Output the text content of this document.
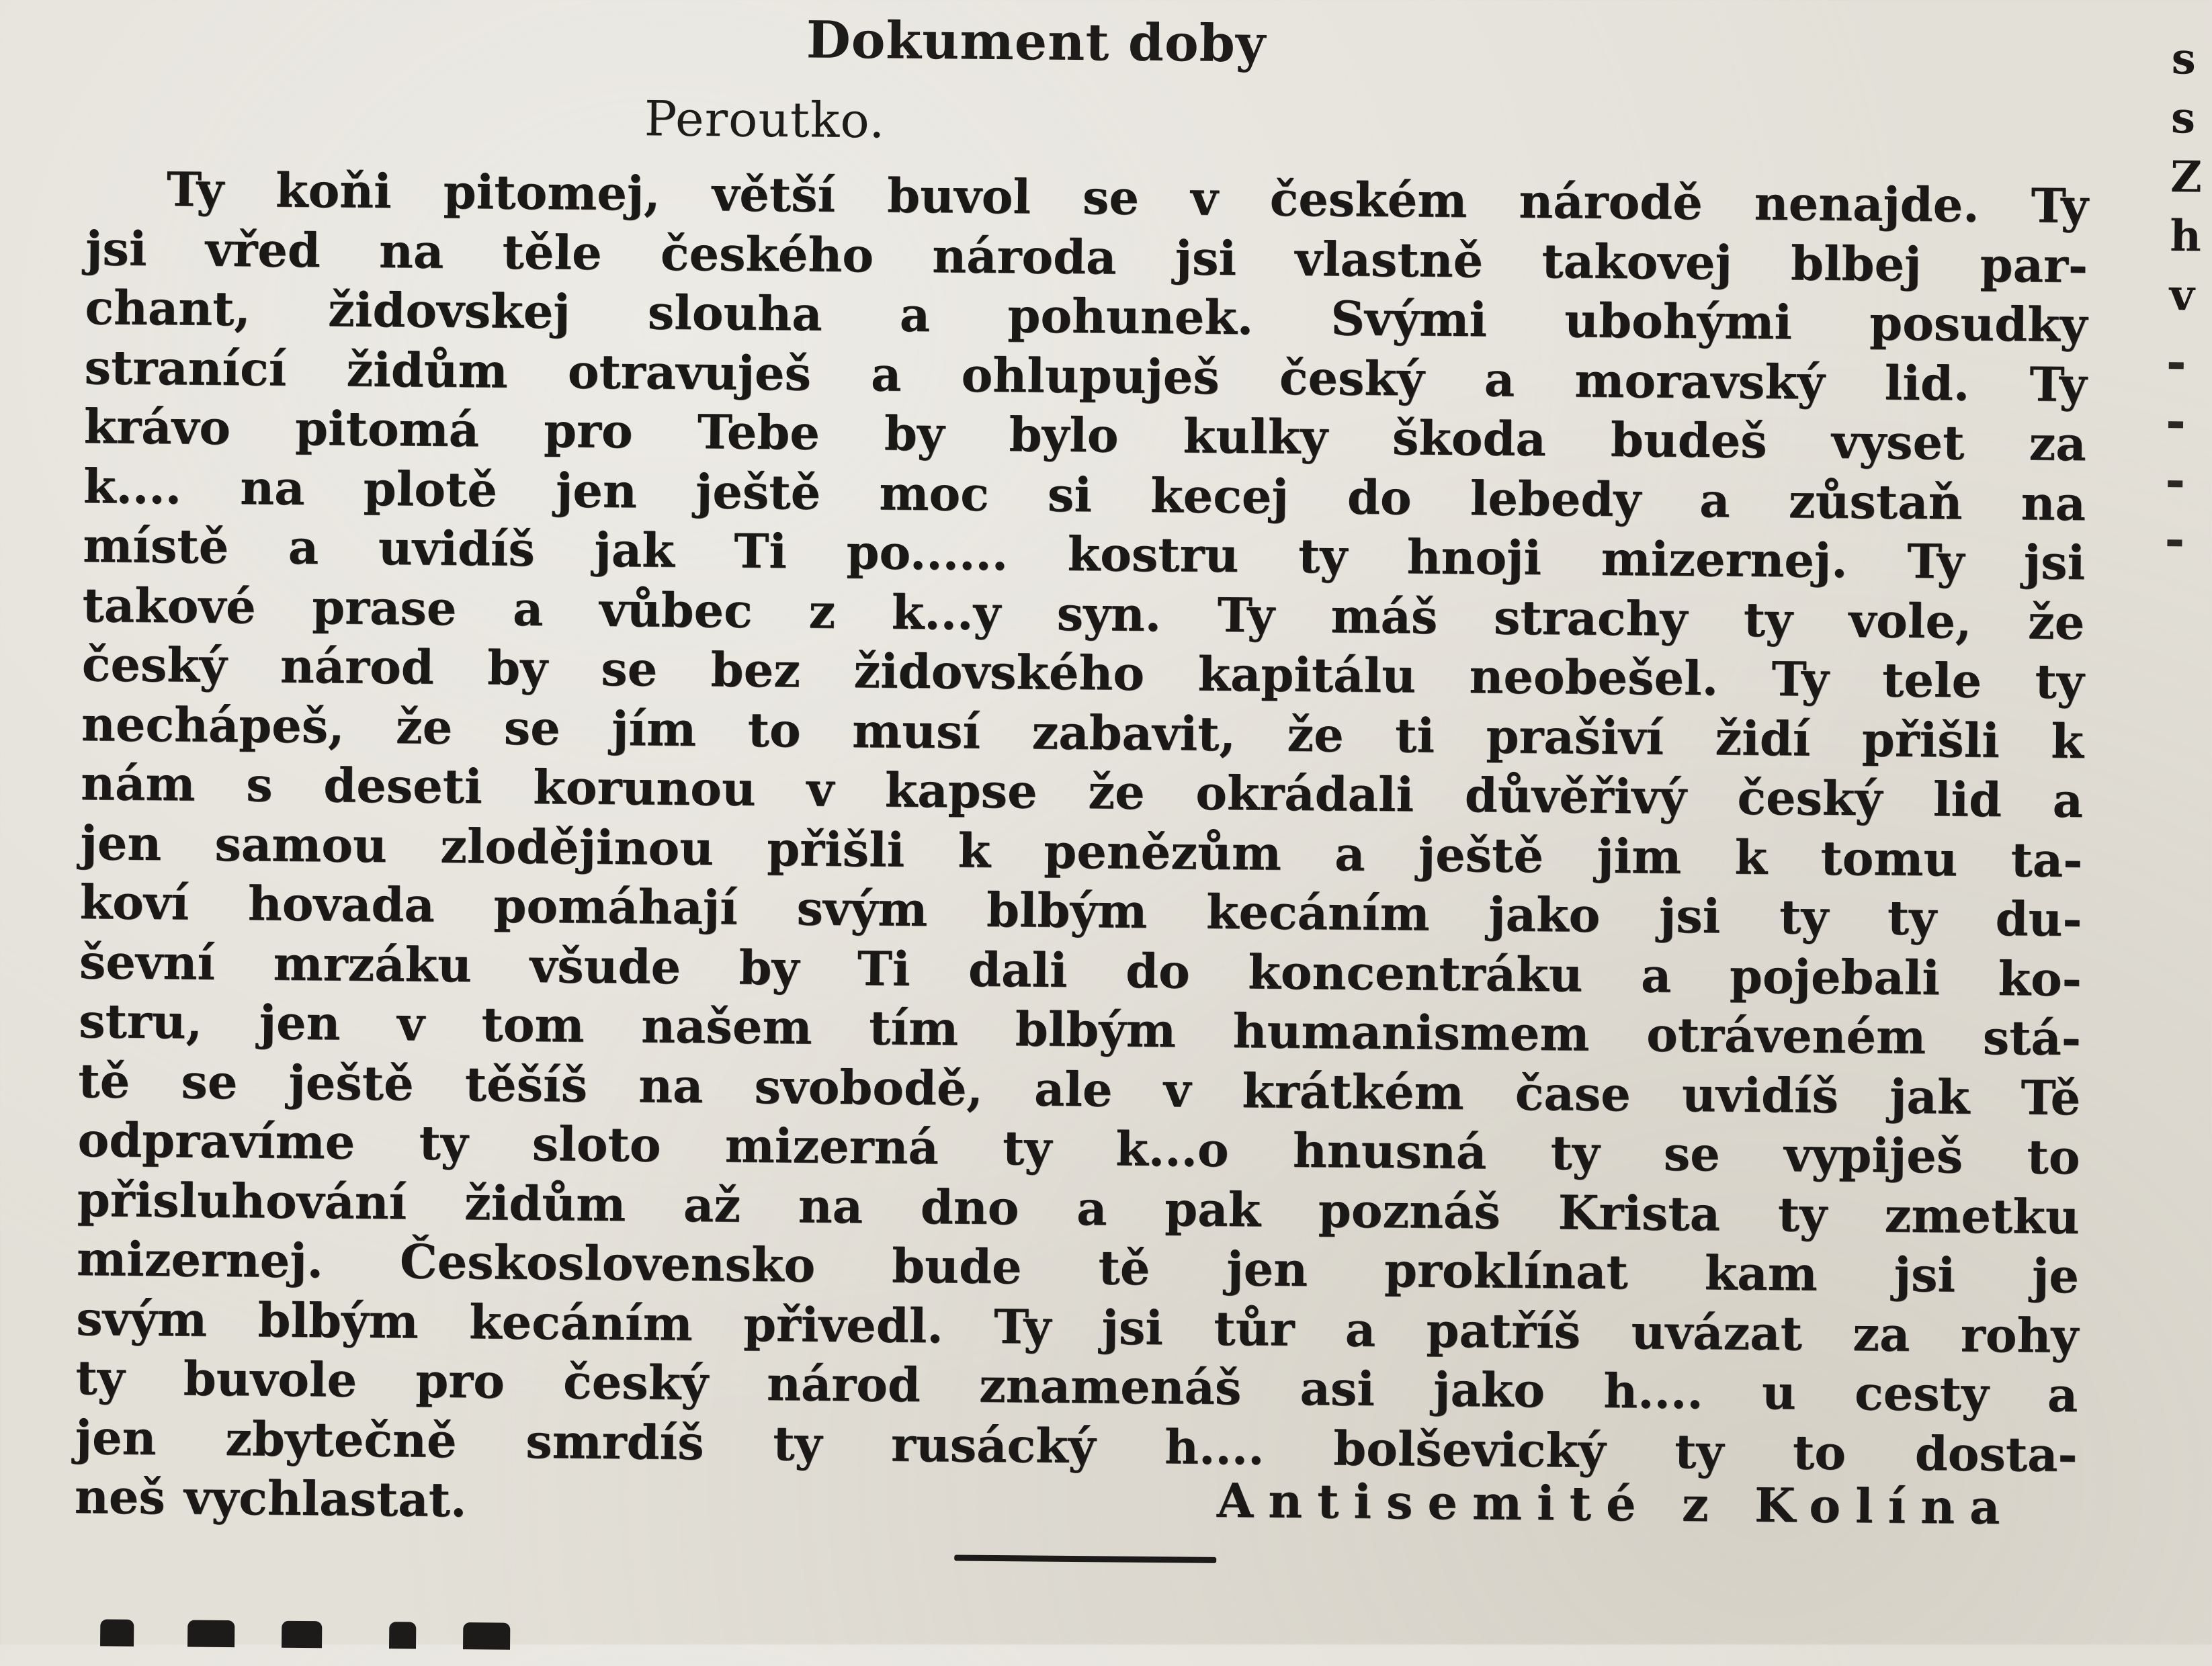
Dokument doby
Peroutko.
Ty koňi pitomej, větší buvol se v českém národě nenajde. Ty
jsi vřed na těle českého národa jsi vlastně takovej blbej par-
chant, židovskej slouha a pohunek. Svými ubohými posudky
stranící židům otravuješ a ohlupuješ český a moravský lid. Ty
krávo pitomá pro Tebe by bylo kulky škoda budeš vyset za
k.... na plotě jen ještě moc si kecej do lebedy a zůstaň na
místě a uvidíš jak Ti po...... kostru ty hnoji mizernej. Ty jsi
takové prase a vůbec z k...y syn. Ty máš strachy ty vole, že
český národ by se bez židovského kapitálu neobešel. Ty tele ty
nechápeš, že se jím to musí zabavit, že ti prašiví židí přišli k
nám s deseti korunou v kapse že okrádali důvěřivý český lid a
jen samou zlodějinou přišli k penězům a ještě jim k tomu ta-
koví hovada pomáhají svým blbým kecáním jako jsi ty ty du-
ševní mrzáku všude by Ti dali do koncentráku a pojebali ko-
stru, jen v tom našem tím blbým humanismem otráveném stá-
tě se ještě těšíš na svobodě, ale v krátkém čase uvidíš jak Tě
odpravíme ty sloto mizerná ty k...o hnusná ty se vypiješ to
přisluhování židům až na dno a pak poznáš Krista ty zmetku
mizernej. Československo bude tě jen proklínat kam jsi je
svým blbým kecáním přivedl. Ty jsi tůr a patříš uvázat za rohy
ty buvole pro český národ znamenáš asi jako h.... u cesty a
jen zbytečně smrdíš ty rusácký h.... bolševický ty to dosta-
neš vychlastat.	Antisemité z Kolína
s
s
Z
h
v
